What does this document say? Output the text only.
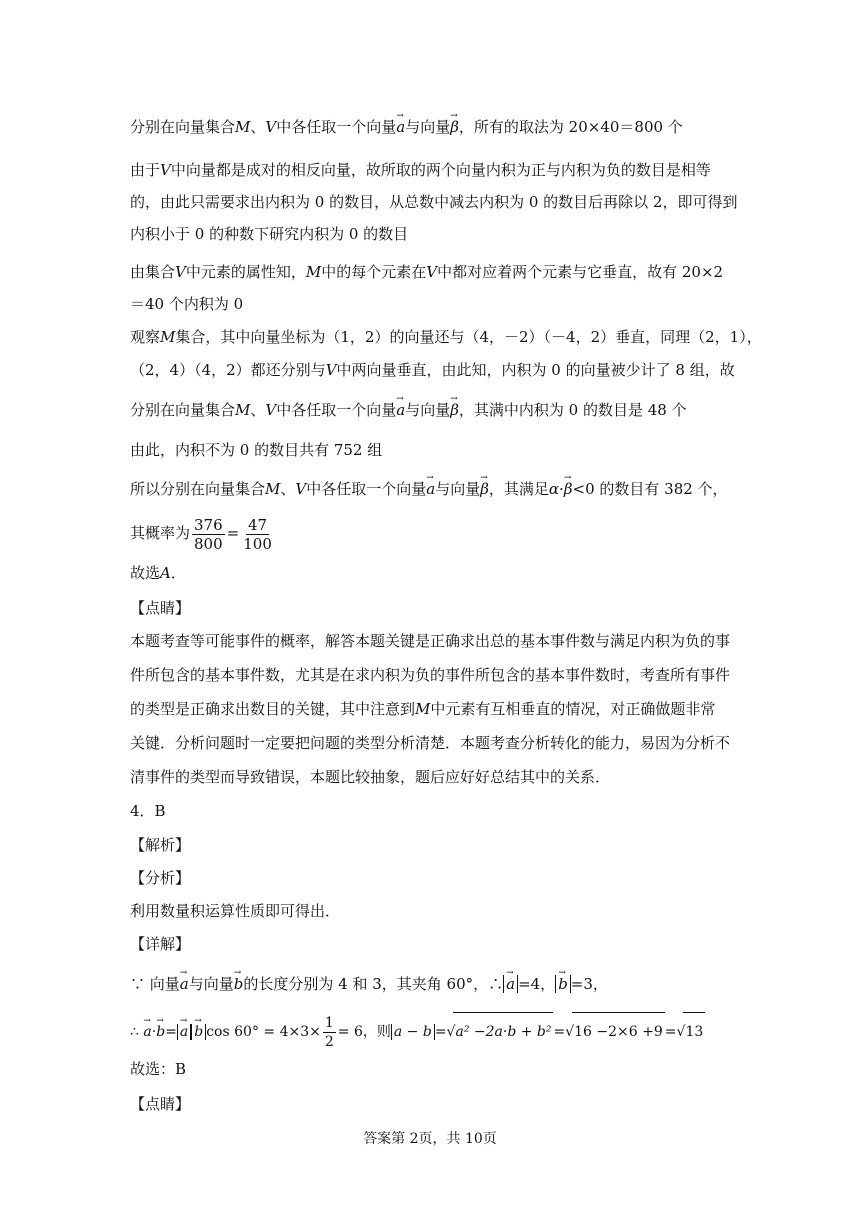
分别在向量集合M、V中各任取一个向量→ a与向量→ β，所有的取法为 20×40＝800 个
由于V中向量都是成对的相反向量，故所取的两个向量内积为正与内积为负的数目是相等
的，由此只需要求出内积为 0 的数目，从总数中减去内积为 0 的数目后再除以 2，即可得到
内积小于 0 的种数下研究内积为 0 的数目
由集合V中元素的属性知，M中的每个元素在V中都对应着两个元素与它垂直，故有 20×2
＝40 个内积为 0
观察M集合，其中向量坐标为（1，2）的向量还与（4，－2）（－4，2）垂直，同理（2，1），
（2，4）（4，2）都还分别与V中两向量垂直，由此知，内积为 0 的向量被少计了 8 组，故
分别在向量集合M、V中各任取一个向量→ a与向量→ β，其满中内积为 0 的数目是 48 个
由此，内积不为 0 的数目共有 752 组
所以分别在向量集合M、V中各任取一个向量→ a与向量→ β，其满足α·→ β<0 的数目有 382 个，
其概率为 $\frac{376}{800} = \frac{47}{100}$
故选A．
【点睛】
本题考查等可能事件的概率，解答本题关键是正确求出总的基本事件数与满足内积为负的事
件所包含的基本事件数，尤其是在求内积为负的事件所包含的基本事件数时，考查所有事件
的类型是正确求出数目的关键，其中注意到M中元素有互相垂直的情况，对正确做题非常
关键．分析问题时一定要把问题的类型分析清楚．本题考查分析转化的能力，易因为分析不
清事件的类型而导致错误，本题比较抽象，题后应好好总结其中的关系．
4．B
【解析】
【分析】
利用数量积运算性质即可得出．
【详解】
∵ 向量→ a与向量→ b的长度分别为 4 和 3，其夹角 60°，∴ → a =4， → b =3，
∴ → a·→ b= → a → b $\cos 60^\circ = 4\times 3\times \frac{1}{2} = 6$，则 a − b =√a² −2a·b + b² =√16 −2×6 +9 =√13
故选：B
【点睛】
答案第 2页，共 10页
